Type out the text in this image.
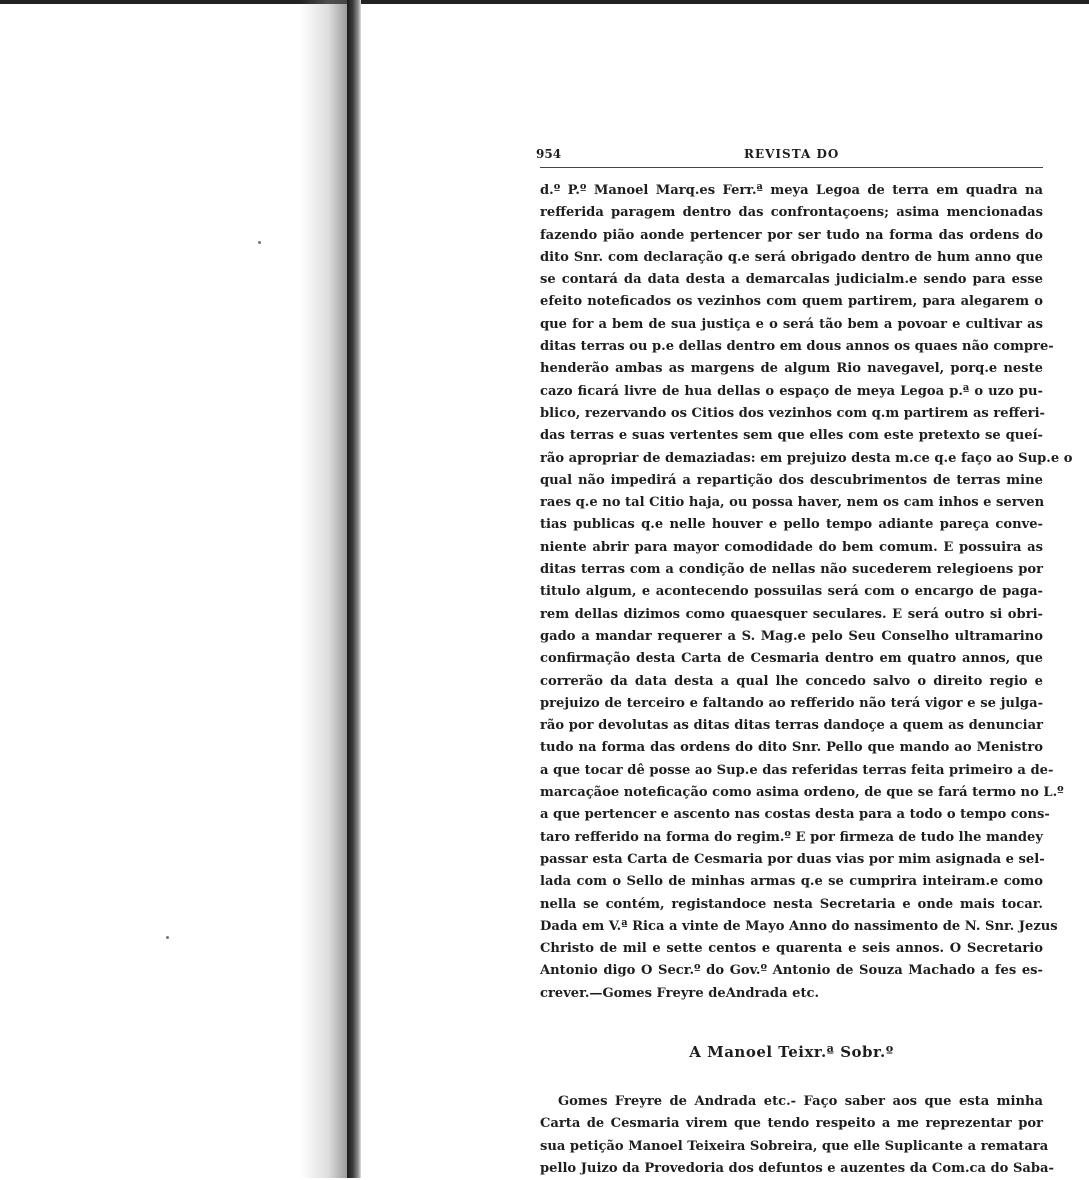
954	REVISTA DO
d.º P.º Manoel Marq.es Ferr.ª meya Legoa de terra em quadra na
refferida paragem dentro das confrontaçoens; asima mencionadas
fazendo pião aonde pertencer por ser tudo na forma das ordens do
dito Snr. com declaração q.e será obrigado dentro de hum anno que
se contará da data desta a demarcalas judicialm.e sendo para esse
efeito noteficados os vezinhos com quem partirem, para alegarem o
que for a bem de sua justiça e o será tão bem a povoar e cultivar as
ditas terras ou p.e dellas dentro em dous annos os quaes não compre-
henderão ambas as margens de algum Rio navegavel, porq.e neste
cazo ficará livre de hua dellas o espaço de meya Legoa p.ª o uzo pu-
blico, rezervando os Citios dos vezinhos com q.m partirem as refferi-
das terras e suas vertentes sem que elles com este pretexto se queí-
rão apropriar de demaziadas: em prejuizo desta m.ce q.e faço ao Sup.e o
qual não impedirá a repartição dos descubrimentos de terras mine
raes q.e no tal Citio haja, ou possa haver, nem os cam inhos e serven
tias publicas q.e nelle houver e pello tempo adiante pareça conve-
niente abrir para mayor comodidade do bem comum. E possuira as
ditas terras com a condição de nellas não sucederem relegioens por
titulo algum, e acontecendo possuilas será com o encargo de paga-
rem dellas dizimos como quaesquer seculares. E será outro si obri-
gado a mandar requerer a S. Mag.e pelo Seu Conselho ultramarino
confirmação desta Carta de Cesmaria dentro em quatro annos, que
correrão da data desta a qual lhe concedo salvo o direito regio e
prejuizo de terceiro e faltando ao refferido não terá vigor e se julga-
rão por devolutas as ditas ditas terras dandoçe a quem as denunciar
tudo na forma das ordens do dito Snr. Pello que mando ao Menistro
a que tocar dê posse ao Sup.e das referidas terras feita primeiro a de-
marcaçãoe noteficação como asima ordeno, de que se fará termo no L.º
a que pertencer e ascento nas costas desta para a todo o tempo cons-
taro refferido na forma do regim.º E por firmeza de tudo lhe mandey
passar esta Carta de Cesmaria por duas vias por mim asignada e sel-
lada com o Sello de minhas armas q.e se cumprira inteiram.e como
nella se contém, registandoce nesta Secretaria e onde mais tocar.
Dada em V.ª Rica a vinte de Mayo Anno do nassimento de N. Snr. Jezus
Christo de mil e sette centos e quarenta e seis annos. O Secretario
Antonio digo O Secr.º do Gov.º Antonio de Souza Machado a fes es-
crever.—Gomes Freyre deAndrada etc.
A Manoel Teixr.ª Sobr.º
Gomes Freyre de Andrada etc.- Faço saber aos que esta minha
Carta de Cesmaria virem que tendo respeito a me reprezentar por
sua petição Manoel Teixeira Sobreira, que elle Suplicante a rematara
pello Juizo da Provedoria dos defuntos e auzentes da Com.ca do Saba-
